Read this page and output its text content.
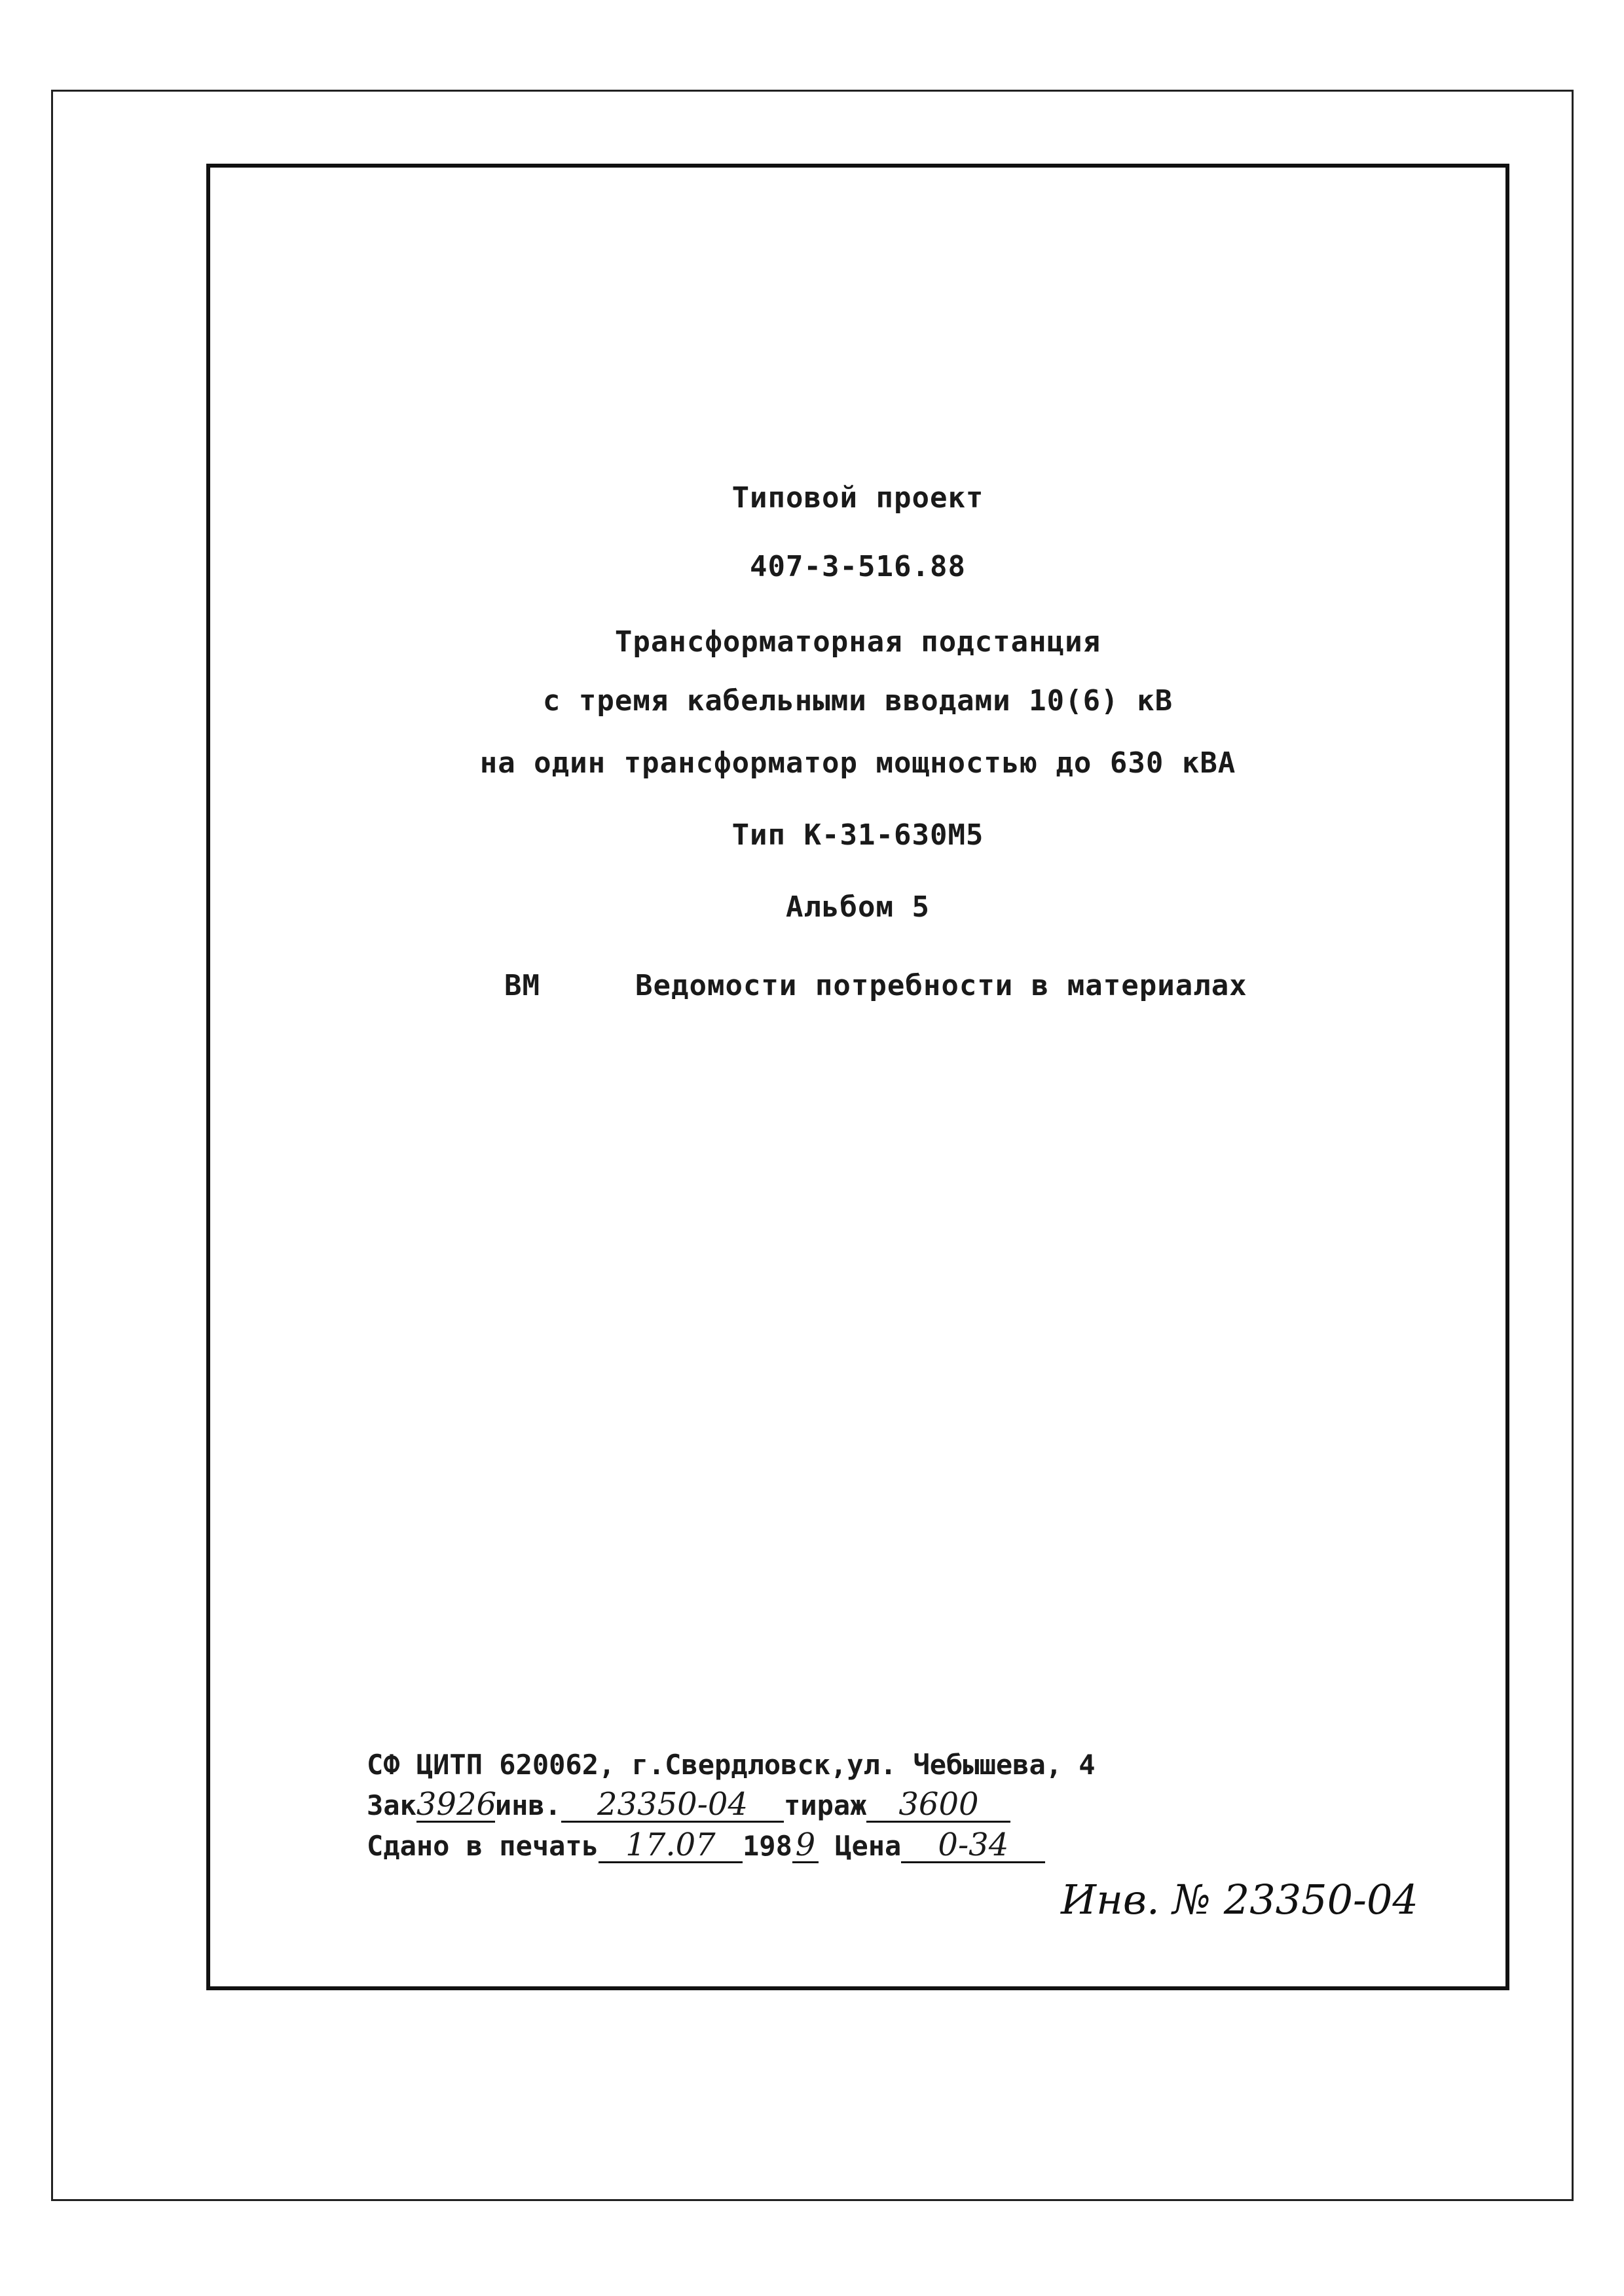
Типовой проект
407-3-516.88
Трансформаторная подстанция
с тремя кабельными вводами 10(6) кВ
на один трансформатор мощностью до 630 кВА
Тип К-31-630М5
Альбом 5
ВМ	Ведомости потребности в материалах
СФ ЦИТП 620062, г.Свердловск,ул. Чебышева, 4
Зак3926инв. 23350-04 тираж 3600
Сдано в печать 17.07 1989 Цена 0-34
Инв. № 23350-04
